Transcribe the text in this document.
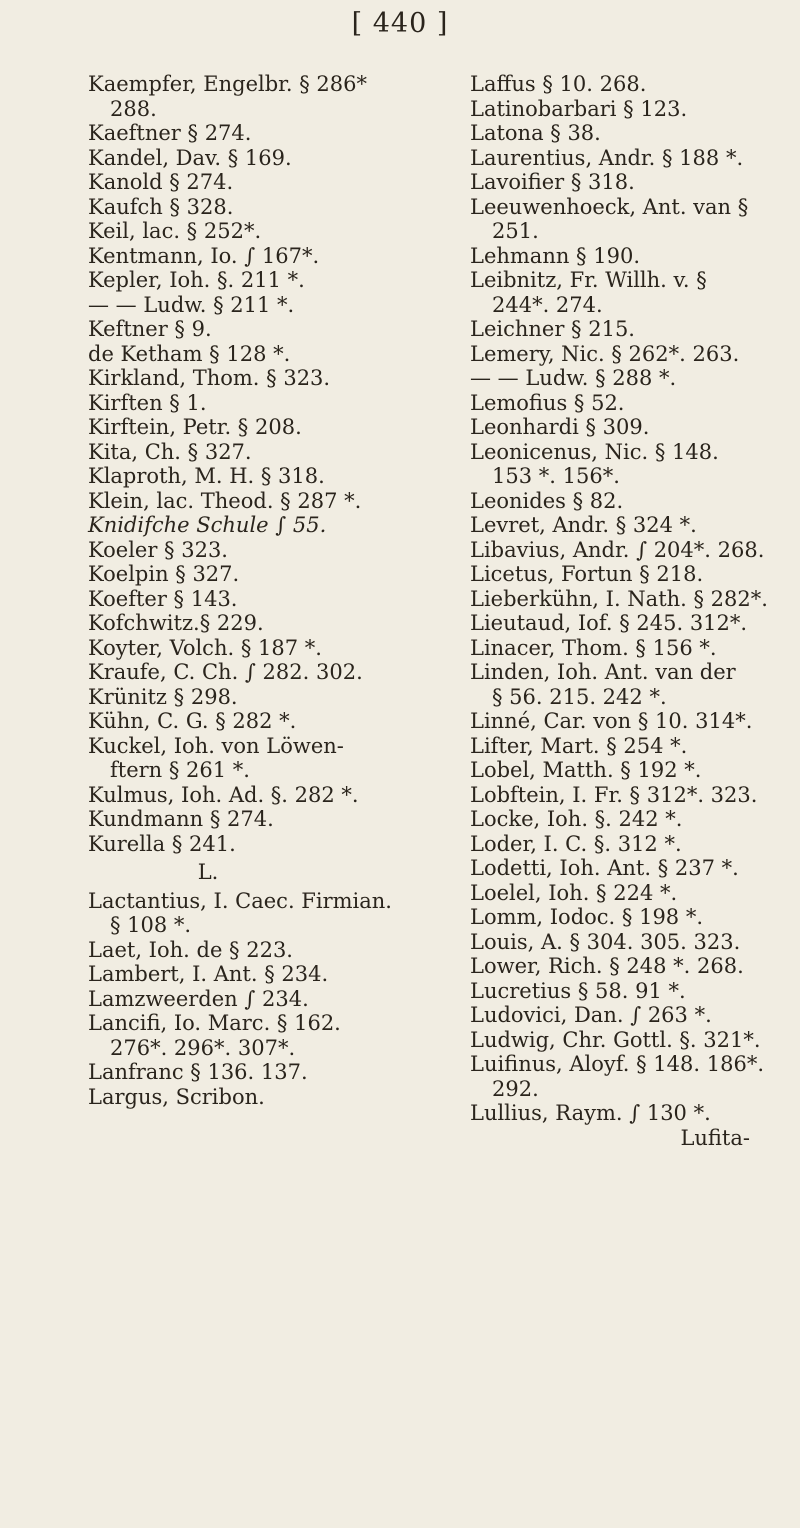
[ 440 ]
Kaempfer, Engelbr. § 286*
288.
Kaeftner § 274.
Kandel, Dav. § 169.
Kanold § 274.
Kaufch § 328.
Keil, lac. § 252*.
Kentmann, Io. ∫ 167*.
Kepler, Ioh. §. 211 *.
— — Ludw. § 211 *.
Keftner § 9.
de Ketham § 128 *.
Kirkland, Thom. § 323.
Kirften § 1.
Kirftein, Petr. § 208.
Kita, Ch. § 327.
Klaproth, M. H. § 318.
Klein, lac. Theod. § 287 *.
Knidifche Schule ∫ 55.
Koeler § 323.
Koelpin § 327.
Koefter § 143.
Kofchwitz.§ 229.
Koyter, Volch. § 187 *.
Kraufe, C. Ch. ∫ 282. 302.
Krünitz § 298.
Kühn, C. G. § 282 *.
Kuckel, Ioh. von Löwen-
ftern § 261 *.
Kulmus, Ioh. Ad. §. 282 *.
Kundmann § 274.
Kurella § 241.
L.
Lactantius, I. Caec. Firmian.
§ 108 *.
Laet, Ioh. de § 223.
Lambert, I. Ant. § 234.
Lamzweerden ∫ 234.
Lancifi, Io. Marc. § 162.
276*. 296*. 307*.
Lanfranc § 136. 137.
Largus, Scribon.
Laffus § 10. 268.
Latinobarbari § 123.
Latona § 38.
Laurentius, Andr. § 188 *.
Lavoifier § 318.
Leeuwenhoeck, Ant. van §
251.
Lehmann § 190.
Leibnitz, Fr. Willh. v. §
244*. 274.
Leichner § 215.
Lemery, Nic. § 262*. 263.
— — Ludw. § 288 *.
Lemofius § 52.
Leonhardi § 309.
Leonicenus, Nic. § 148.
153 *. 156*.
Leonides § 82.
Levret, Andr. § 324 *.
Libavius, Andr. ∫ 204*. 268.
Licetus, Fortun § 218.
Lieberkühn, I. Nath. § 282*.
Lieutaud, Iof. § 245. 312*.
Linacer, Thom. § 156 *.
Linden, Ioh. Ant. van der
§ 56. 215. 242 *.
Linné, Car. von § 10. 314*.
Lifter, Mart. § 254 *.
Lobel, Matth. § 192 *.
Lobftein, I. Fr. § 312*. 323.
Locke, Ioh. §. 242 *.
Loder, I. C. §. 312 *.
Lodetti, Ioh. Ant. § 237 *.
Loelel, Ioh. § 224 *.
Lomm, Iodoc. § 198 *.
Louis, A. § 304. 305. 323.
Lower, Rich. § 248 *. 268.
Lucretius § 58. 91 *.
Ludovici, Dan. ∫ 263 *.
Ludwig, Chr. Gottl. §. 321*.
Luifinus, Aloyf. § 148. 186*.
292.
Lullius, Raym. ∫ 130 *.
Lufita-
